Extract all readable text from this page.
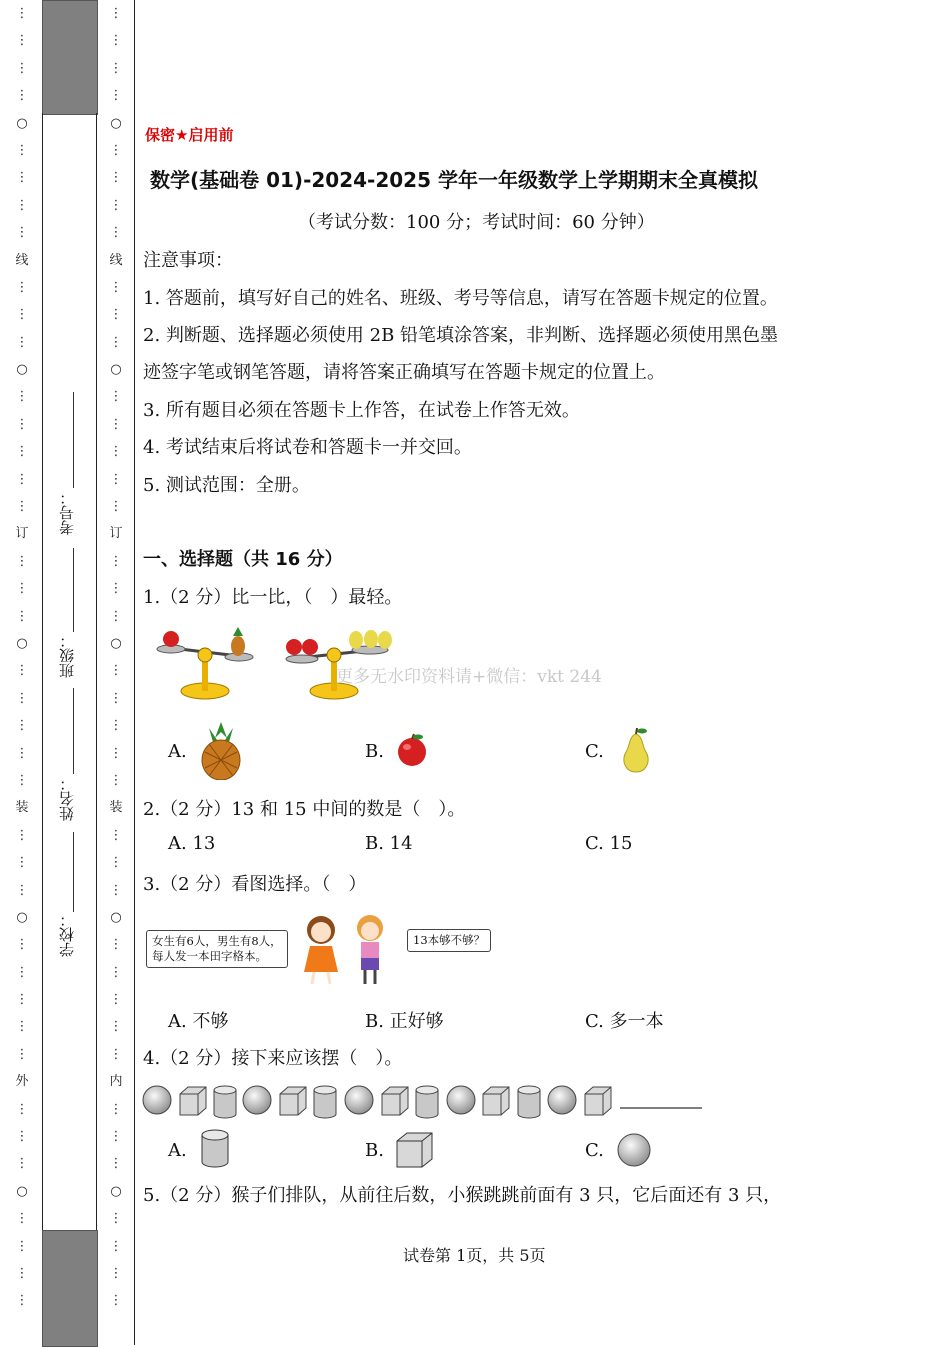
⋮
⋮
⋮
⋮
○
⋮
⋮
⋮
⋮
线
⋮
⋮
⋮
○
⋮
⋮
⋮
⋮
⋮
订
⋮
⋮
⋮
○
⋮
⋮
⋮
⋮
⋮
装
⋮
⋮
⋮
○
⋮
⋮
⋮
⋮
⋮
外
⋮
⋮
⋮
○
⋮
⋮
⋮
⋮
考号：
班级：
姓名：
学校：
⋮
⋮
⋮
⋮
○
⋮
⋮
⋮
⋮
线
⋮
⋮
⋮
○
⋮
⋮
⋮
⋮
⋮
订
⋮
⋮
⋮
○
⋮
⋮
⋮
⋮
⋮
装
⋮
⋮
⋮
○
⋮
⋮
⋮
⋮
⋮
内
⋮
⋮
⋮
○
⋮
⋮
⋮
⋮
保密★启用前
数学(基础卷 01)-2024-2025 学年一年级数学上学期期末全真模拟
（考试分数：100 分；考试时间：60 分钟）
注意事项：
1. 答题前，填写好自己的姓名、班级、考号等信息，请写在答题卡规定的位置。
2. 判断题、选择题必须使用 2B 铅笔填涂答案，非判断、选择题必须使用黑色墨
迹签字笔或钢笔答题，请将答案正确填写在答题卡规定的位置上。
3. 所有题目必须在答题卡上作答，在试卷上作答无效。
4. 考试结束后将试卷和答题卡一并交回。
5. 测试范围：全册。
一、选择题（共 16 分）
1.（2 分）比一比，（　）最轻。
更多无水印资料请+微信：vkt 244
A.	B.	C.
2.（2 分）13 和 15 中间的数是（　）。
A. 13	B. 14	C. 15
3.（2 分）看图选择。（　）
女生有6人，男生有8人，
每人发一本田字格本。
13本够不够？
A. 不够	B. 正好够	C. 多一本
4.（2 分）接下来应该摆（　）。
A.	B.	C.
5.（2 分）猴子们排队，从前往后数，小猴跳跳前面有 3 只，它后面还有 3 只，
试卷第 1页，共 5页
